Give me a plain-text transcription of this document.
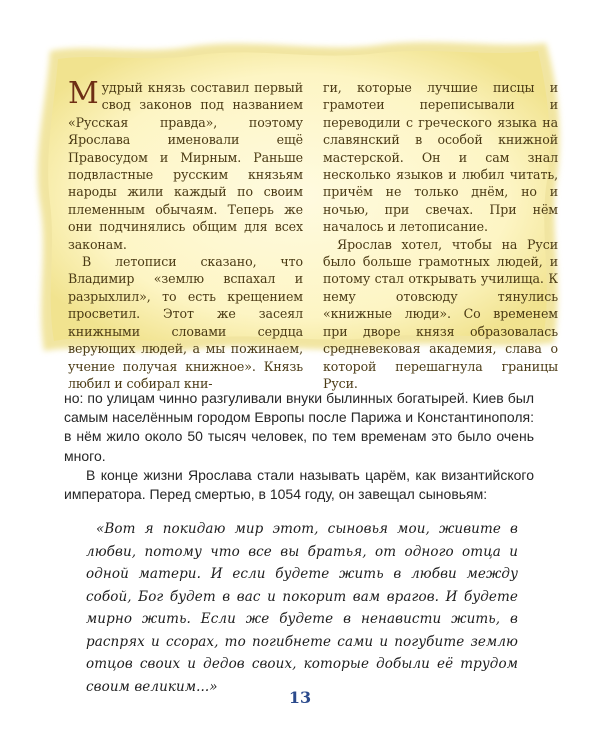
Мудрый князь составил первый свод законов под названием «Русская правда», поэтому Ярослава именовали ещё Правосудом и Мирным. Раньше подвластные русским князьям народы жили каждый по своим племенным обычаям. Теперь же они подчинялись общим для всех законам.

В летописи сказано, что Владимир «землю вспахал и разрыхлил», то есть крещением просветил. Этот же засеял книжными словами сердца верующих людей, а мы пожинаем, учение получая книжное». Князь любил и собирал кни-

ги, которые лучшие писцы и грамотеи переписывали и переводили с греческого языка на славянский в особой книжной мастерской. Он и сам знал несколько языков и любил читать, причём не только днём, но и ночью, при свечах. При нём началось и летописание.

Ярослав хотел, чтобы на Руси было больше грамотных людей, и потому стал открывать училища. К нему отовсюду тянулись «книжные люди». Со временем при дворе князя образовалась средневековая академия, слава о которой перешагнула границы Руси.

но: по улицам чинно разгуливали внуки былинных богатырей. Киев был самым населённым городом Европы после Парижа и Константинополя: в нём жило около 50 тысяч человек, по тем временам это было очень много.

В конце жизни Ярослава стали называть царём, как византийского императора. Перед смертью, в 1054 году, он завещал сыновьям:

«Вот я покидаю мир этот, сыновья мои, живите в любви, потому что все вы братья, от одного отца и одной матери. И если будете жить в любви между собой, Бог будет в вас и покорит вам врагов. И будете мирно жить. Если же будете в ненависти жить, в распрях и ссорах, то погибнете сами и погубите землю отцов своих и дедов своих, которые добыли её трудом своим великим...»

13
